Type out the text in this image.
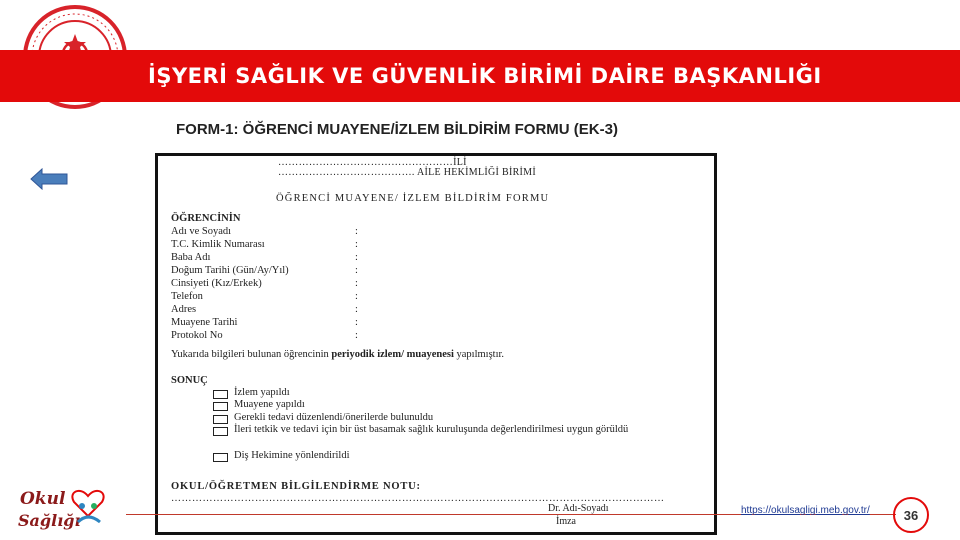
İŞYERİ SAĞLIK VE GÜVENLİK BİRİMİ DAİRE BAŞKANLIĞI
FORM-1: ÖĞRENCİ MUAYENE/İZLEM BİLDİRİM FORMU (EK-3)
……………………………………………İLİ
…………………………………. AİLE HEKİMLİĞİ BİRİMİ
ÖĞRENCİ MUAYENE/ İZLEM BİLDİRİM FORMU
ÖĞRENCİNİN
Adı ve Soyadı	:
T.C. Kimlik Numarası	:
Baba Adı	:
Doğum Tarihi (Gün/Ay/Yıl)	:
Cinsiyeti (Kız/Erkek)	:
Telefon	:
Adres	:
Muayene Tarihi	:
Protokol No	:
Yukarıda bilgileri bulunan öğrencinin periyodik izlem/ muayenesi yapılmıştır.
SONUÇ
İzlem yapıldı
Muayene yapıldı
Gerekli tedavi düzenlendi/önerilerde bulunuldu
İleri tetkik ve tedavi için bir üst basamak sağlık kuruluşunda değerlendirilmesi uygun görüldü
Diş Hekimine yönlendirildi
OKUL/ÖĞRETMEN BİLGİLENDİRME NOTU:
……………………………………………………………………………………………………………………………
Dr. Adı-Soyadı
İmza
https://okulsagligi.meb.gov.tr/	36
Okul
Sağlığı
